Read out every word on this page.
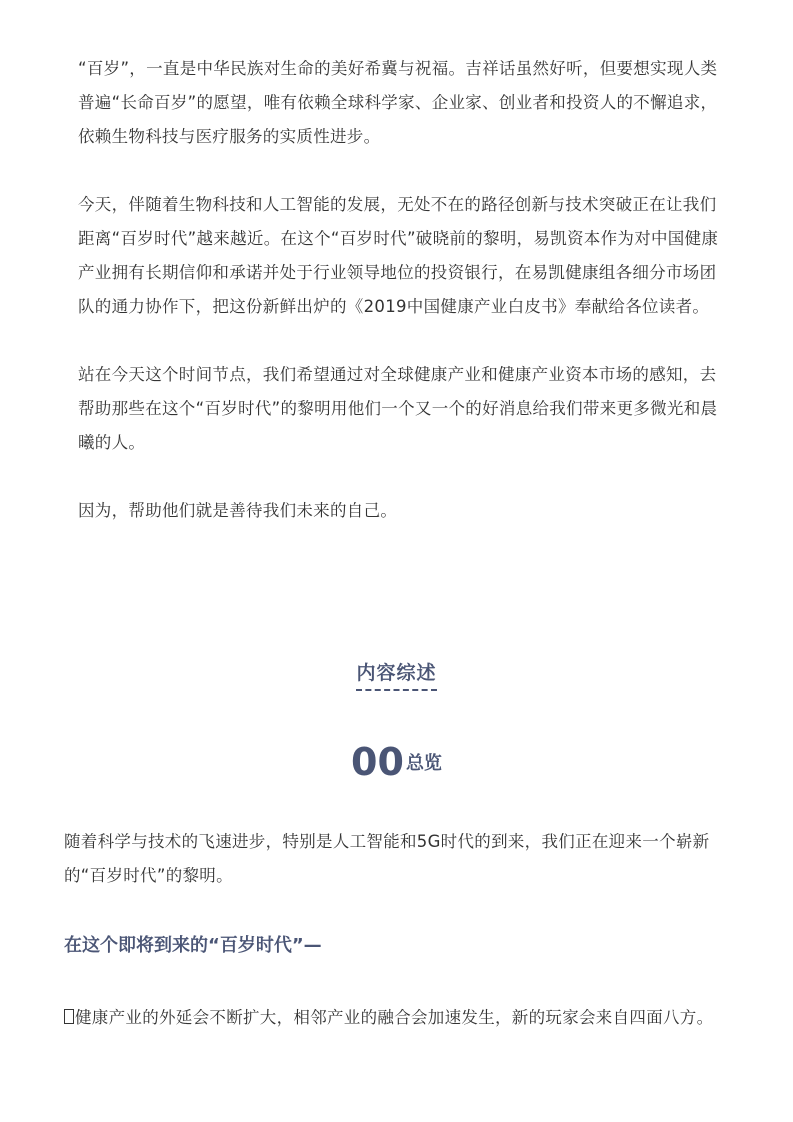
“百岁”，一直是中华民族对生命的美好希冀与祝福。吉祥话虽然好听，但要想实现人类普遍“长命百岁”的愿望，唯有依赖全球科学家、企业家、创业者和投资人的不懈追求，依赖生物科技与医疗服务的实质性进步。

今天，伴随着生物科技和人工智能的发展，无处不在的路径创新与技术突破正在让我们距离“百岁时代”越来越近。在这个“百岁时代”破晓前的黎明，易凯资本作为对中国健康产业拥有长期信仰和承诺并处于行业领导地位的投资银行，在易凯健康组各细分市场团队的通力协作下，把这份新鲜出炉的《2019中国健康产业白皮书》奉献给各位读者。

站在今天这个时间节点，我们希望通过对全球健康产业和健康产业资本市场的感知，去帮助那些在这个“百岁时代”的黎明用他们一个又一个的好消息给我们带来更多微光和晨曦的人。

因为，帮助他们就是善待我们未来的自己。

内容综述
00 总览

随着科学与技术的飞速进步，特别是人工智能和5G时代的到来，我们正在迎来一个崭新的“百岁时代”的黎明。

在这个即将到来的“百岁时代”—

健康产业的外延会不断扩大，相邻产业的融合会加速发生，新的玩家会来自四面八方。
